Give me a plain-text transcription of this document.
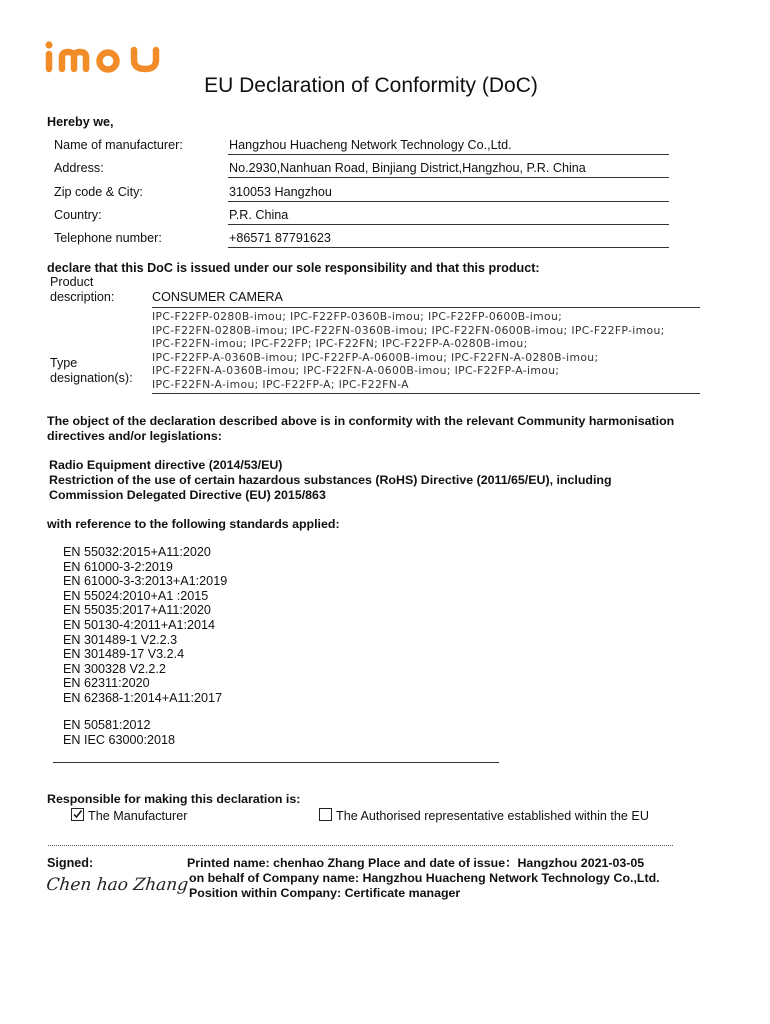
EU Declaration of Conformity (DoC)
Hereby we,
Name of manufacturer:	Hangzhou Huacheng Network Technology Co.,Ltd.
Address:	No.2930,Nanhuan Road, Binjiang District,Hangzhou, P.R. China
Zip code & City:	310053 Hangzhou
Country:	P.R. China
Telephone number:	+86571 87791623
declare that this DoC is issued under our sole responsibility and that this product:
Product
description:	CONSUMER CAMERA
Type
designation(s):
IPC-F22FP-0280B-imou; IPC-F22FP-0360B-imou; IPC-F22FP-0600B-imou;
IPC-F22FN-0280B-imou; IPC-F22FN-0360B-imou; IPC-F22FN-0600B-imou; IPC-F22FP-imou;
IPC-F22FN-imou; IPC-F22FP; IPC-F22FN; IPC-F22FP-A-0280B-imou;
IPC-F22FP-A-0360B-imou; IPC-F22FP-A-0600B-imou; IPC-F22FN-A-0280B-imou;
IPC-F22FN-A-0360B-imou; IPC-F22FN-A-0600B-imou; IPC-F22FP-A-imou;
IPC-F22FN-A-imou; IPC-F22FP-A; IPC-F22FN-A
The object of the declaration described above is in conformity with the relevant Community harmonisation
directives and/or legislations:
Radio Equipment directive (2014/53/EU)
Restriction of the use of certain hazardous substances (RoHS) Directive (2011/65/EU), including
Commission Delegated Directive (EU) 2015/863
with reference to the following standards applied:
EN 55032:2015+A11:2020
EN 61000-3-2:2019
EN 61000-3-3:2013+A1:2019
EN 55024:2010+A1 :2015
EN 55035:2017+A11:2020
EN 50130-4:2011+A1:2014
EN 301489-1 V2.2.3
EN 301489-17 V3.2.4
EN 300328 V2.2.2
EN 62311:2020
EN 62368-1:2014+A11:2017
EN 50581:2012
EN IEC 63000:2018
Responsible for making this declaration is:
The Manufacturer	The Authorised representative established within the EU
Signed:
Chen hao Zhang
Printed name: chenhao Zhang Place and date of issue：Hangzhou 2021-03-05
on behalf of Company name: Hangzhou Huacheng Network Technology Co.,Ltd.
Position within Company: Certificate manager
